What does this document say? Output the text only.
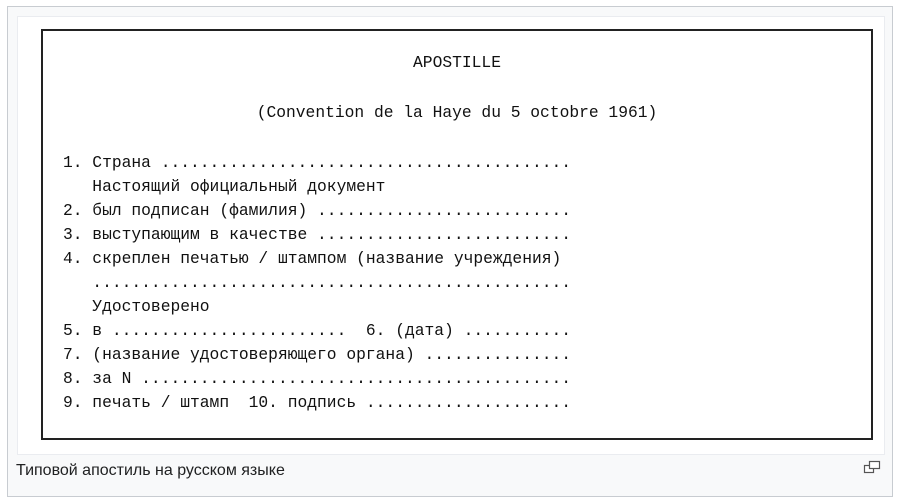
APOSTILLE
(Convention de la Haye du 5 octobre 1961)
1. Страна ..........................................
Настоящий официальный документ
2. был подписан (фамилия) ..........................
3. выступающим в качестве ..........................
4. скреплен печатью / штампом (название учреждения)
.................................................
Удостоверено
5. в ........................  6. (дата) ...........
7. (название удостоверяющего органа) ...............
8. за N ............................................
9. печать / штамп  10. подпись .....................
Типовой апостиль на русском языке
